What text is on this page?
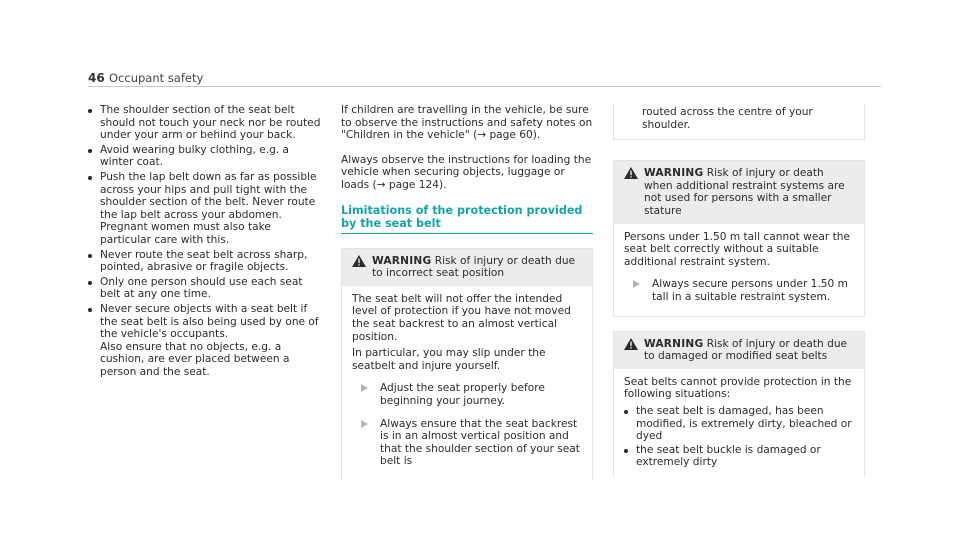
46 Occupant safety

The shoulder section of the seat belt should not touch your neck nor be routed under your arm or behind your back.

Avoid wearing bulky clothing, e.g. a winter coat.

Push the lap belt down as far as possible across your hips and pull tight with the shoulder section of the belt. Never route the lap belt across your abdomen.

Pregnant women must also take particular care with this.

Never route the seat belt across sharp, pointed, abrasive or fragile objects.

Only one person should use each seat belt at any one time.

Never secure objects with a seat belt if the seat belt is also being used by one of the vehicle's occupants.

Also ensure that no objects, e.g. a cushion, are ever placed between a person and the seat.

If children are travelling in the vehicle, be sure to observe the instructions and safety notes on "Children in the vehicle" (→ page 60).

Always observe the instructions for loading the vehicle when securing objects, luggage or loads (→ page 124).

Limitations of the protection provided by the seat belt
WARNING Risk of injury or death due to incorrect seat position

The seat belt will not offer the intended level of protection if you have not moved the seat backrest to an almost vertical position.

In particular, you may slip under the seatbelt and injure yourself.

Adjust the seat properly before beginning your journey.
Always ensure that the seat backrest is in an almost vertical position and that the shoulder section of your seat belt is

routed across the centre of your shoulder.

WARNING Risk of injury or death when additional restraint systems are not used for persons with a smaller stature

Persons under 1.50 m tall cannot wear the seat belt correctly without a suitable additional restraint system.

Always secure persons under 1.50 m tall in a suitable restraint system.
WARNING Risk of injury or death due to damaged or modified seat belts

Seat belts cannot provide protection in the following situations:

the seat belt is damaged, has been modified, is extremely dirty, bleached or dyed
the seat belt buckle is damaged or extremely dirty
